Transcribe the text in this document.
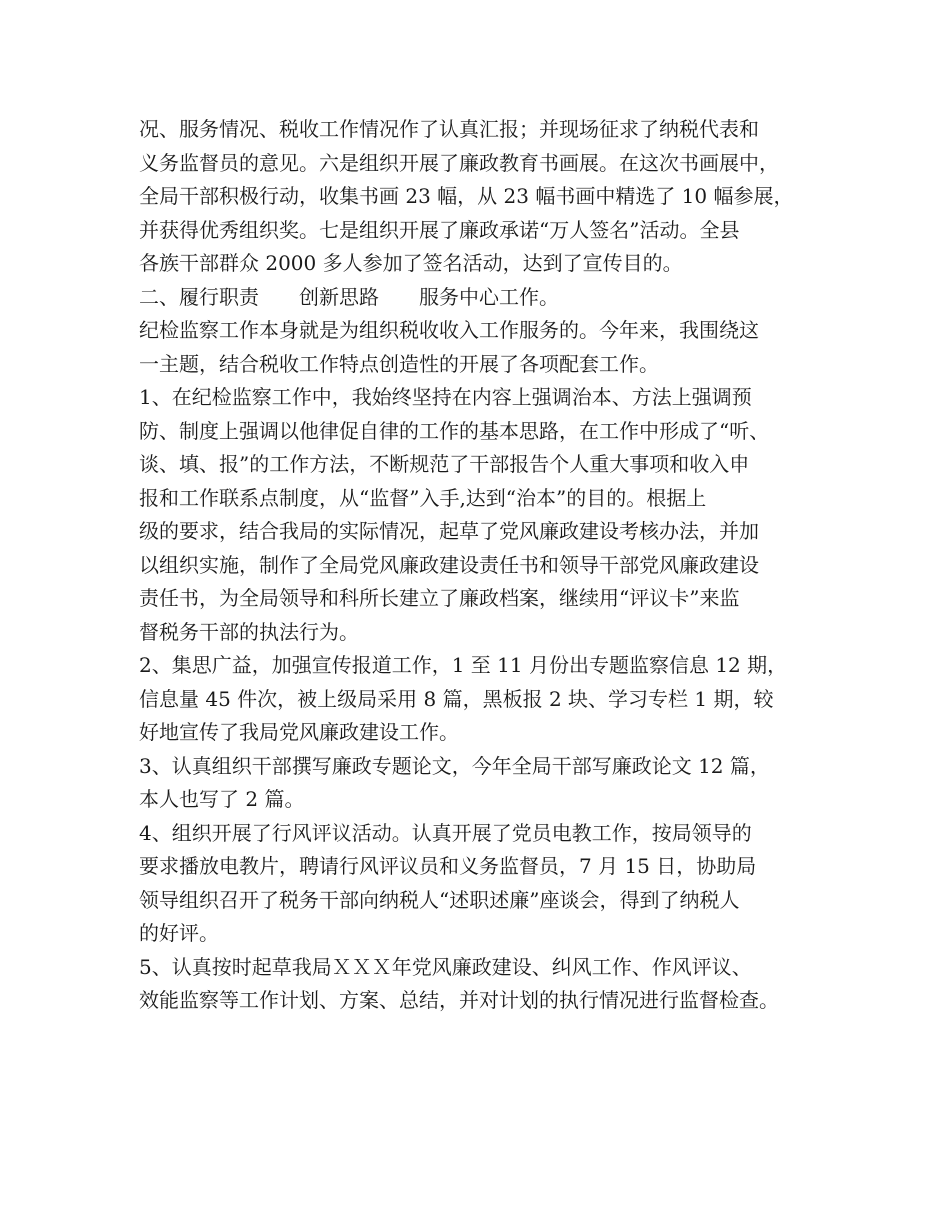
况、服务情况、税收工作情况作了认真汇报；并现场征求了纳税代表和
义务监督员的意见。六是组织开展了廉政教育书画展。在这次书画展中，
全局干部积极行动，收集书画 23 幅，从 23 幅书画中精选了 10 幅参展，
并获得优秀组织奖。七是组织开展了廉政承诺“万人签名”活动。全县
各族干部群众 2000 多人参加了签名活动，达到了宣传目的。
二、履行职责　　创新思路　　服务中心工作。
纪检监察工作本身就是为组织税收收入工作服务的。今年来，我围绕这
一主题，结合税收工作特点创造性的开展了各项配套工作。
1、在纪检监察工作中，我始终坚持在内容上强调治本、方法上强调预
防、制度上强调以他律促自律的工作的基本思路，在工作中形成了“听、
谈、填、报”的工作方法，不断规范了干部报告个人重大事项和收入申
报和工作联系点制度，从“监督”入手,达到“治本”的目的。根据上
级的要求，结合我局的实际情况，起草了党风廉政建设考核办法，并加
以组织实施，制作了全局党风廉政建设责任书和领导干部党风廉政建设
责任书，为全局领导和科所长建立了廉政档案，继续用“评议卡”来监
督税务干部的执法行为。
2、集思广益，加强宣传报道工作，1 至 11 月份出专题监察信息 12 期，
信息量 45 件次，被上级局采用 8 篇，黑板报 2 块、学习专栏 1 期，较
好地宣传了我局党风廉政建设工作。
3、认真组织干部撰写廉政专题论文，今年全局干部写廉政论文 12 篇，
本人也写了 2 篇。
4、组织开展了行风评议活动。认真开展了党员电教工作，按局领导的
要求播放电教片，聘请行风评议员和义务监督员，7 月 15 日，协助局
领导组织召开了税务干部向纳税人“述职述廉”座谈会，得到了纳税人
的好评。
5、认真按时起草我局ＸＸＸ年党风廉政建设、纠风工作、作风评议、
效能监察等工作计划、方案、总结，并对计划的执行情况进行监督检查。
